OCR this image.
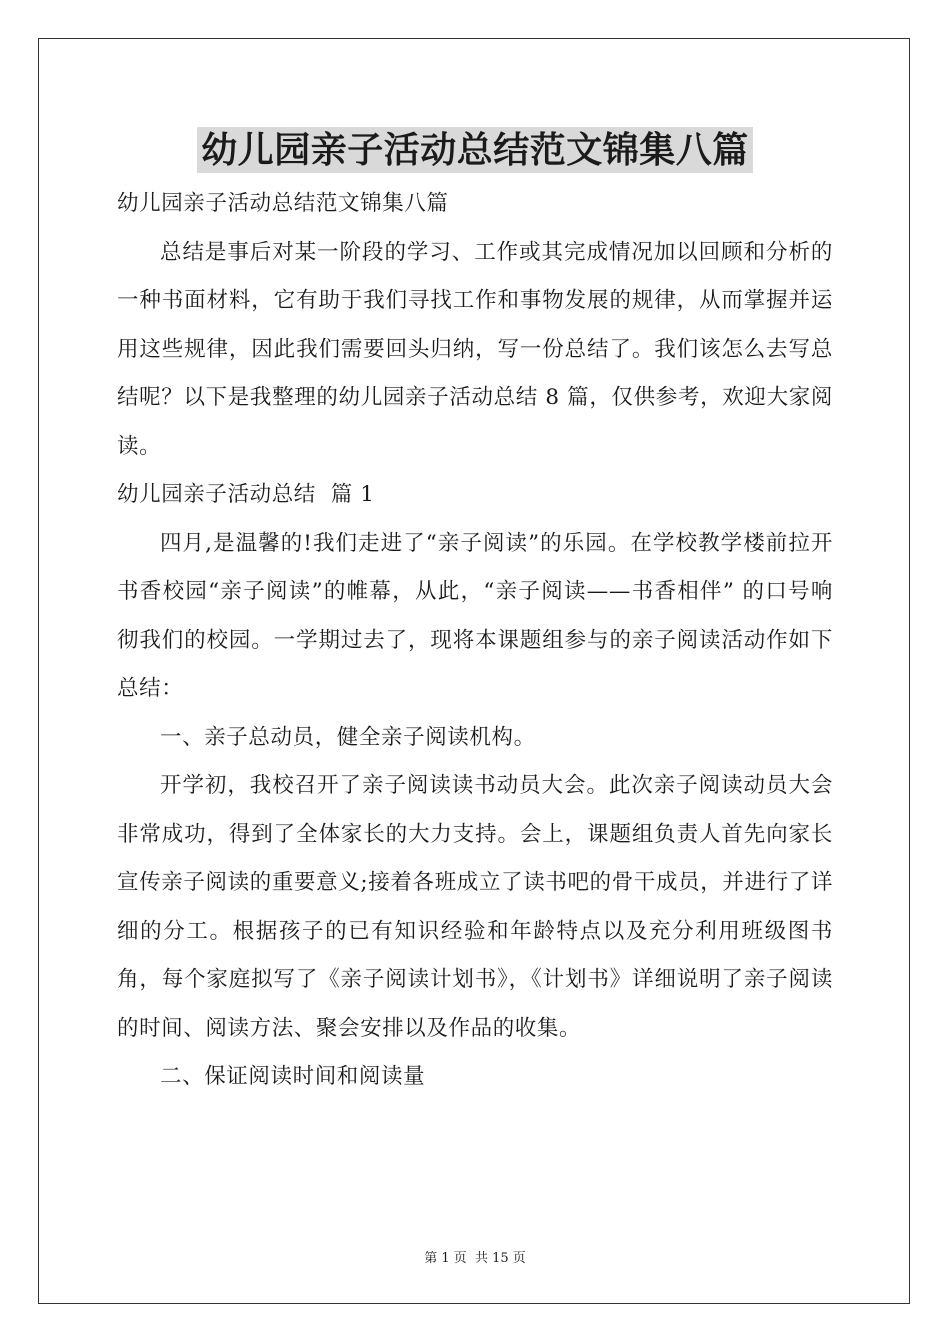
幼儿园亲子活动总结范文锦集八篇

幼儿园亲子活动总结范文锦集八篇

总结是事后对某一阶段的学习、工作或其完成情况加以回顾和分析的一种书面材料，它有助于我们寻找工作和事物发展的规律，从而掌握并运用这些规律，因此我们需要回头归纳，写一份总结了。我们该怎么去写总结呢？以下是我整理的幼儿园亲子活动总结 8 篇，仅供参考，欢迎大家阅读。

幼儿园亲子活动总结  篇 1

四月,是温馨的!我们走进了“亲子阅读”的乐园。在学校教学楼前拉开书香校园“亲子阅读”的帷幕，从此，“亲子阅读——书香相伴” 的口号响彻我们的校园。一学期过去了，现将本课题组参与的亲子阅读活动作如下总结：

一、亲子总动员，健全亲子阅读机构。

开学初，我校召开了亲子阅读读书动员大会。此次亲子阅读动员大会非常成功，得到了全体家长的大力支持。会上，课题组负责人首先向家长宣传亲子阅读的重要意义;接着各班成立了读书吧的骨干成员，并进行了详细的分工。根据孩子的已有知识经验和年龄特点以及充分利用班级图书角，每个家庭拟写了《亲子阅读计划书》，《计划书》详细说明了亲子阅读的时间、阅读方法、聚会安排以及作品的收集。

二、保证阅读时间和阅读量

第 1 页 共 15 页
